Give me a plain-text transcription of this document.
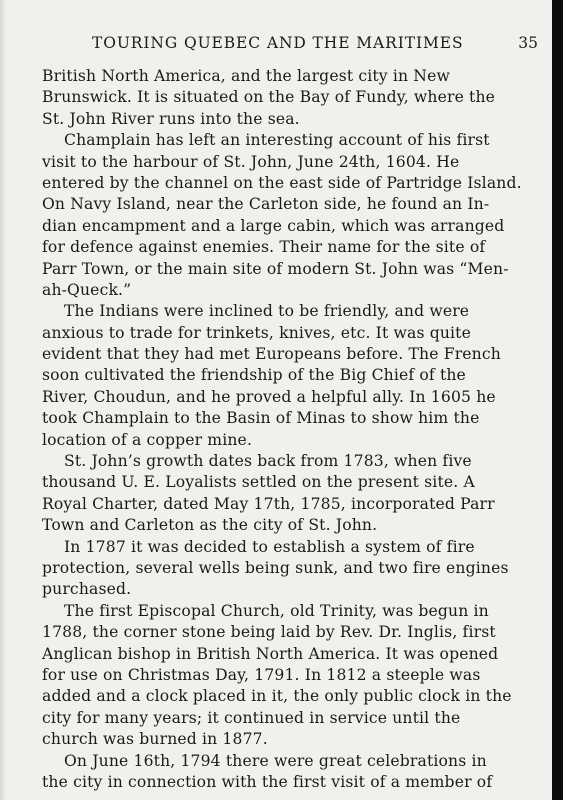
TOURING QUEBEC AND THE MARITIMES	35
British North America, and the largest city in New
Brunswick. It is situated on the Bay of Fundy, where the
St. John River runs into the sea.
Champlain has left an interesting account of his first
visit to the harbour of St. John, June 24th, 1604. He
entered by the channel on the east side of Partridge Island.
On Navy Island, near the Carleton side, he found an In-
dian encampment and a large cabin, which was arranged
for defence against enemies. Their name for the site of
Parr Town, or the main site of modern St. John was “Men-
ah-Queck.”
The Indians were inclined to be friendly, and were
anxious to trade for trinkets, knives, etc. It was quite
evident that they had met Europeans before. The French
soon cultivated the friendship of the Big Chief of the
River, Choudun, and he proved a helpful ally. In 1605 he
took Champlain to the Basin of Minas to show him the
location of a copper mine.
St. John’s growth dates back from 1783, when five
thousand U. E. Loyalists settled on the present site. A
Royal Charter, dated May 17th, 1785, incorporated Parr
Town and Carleton as the city of St. John.
In 1787 it was decided to establish a system of fire
protection, several wells being sunk, and two fire engines
purchased.
The first Episcopal Church, old Trinity, was begun in
1788, the corner stone being laid by Rev. Dr. Inglis, first
Anglican bishop in British North America. It was opened
for use on Christmas Day, 1791. In 1812 a steeple was
added and a clock placed in it, the only public clock in the
city for many years; it continued in service until the
church was burned in 1877.
On June 16th, 1794 there were great celebrations in
the city in connection with the first visit of a member of
